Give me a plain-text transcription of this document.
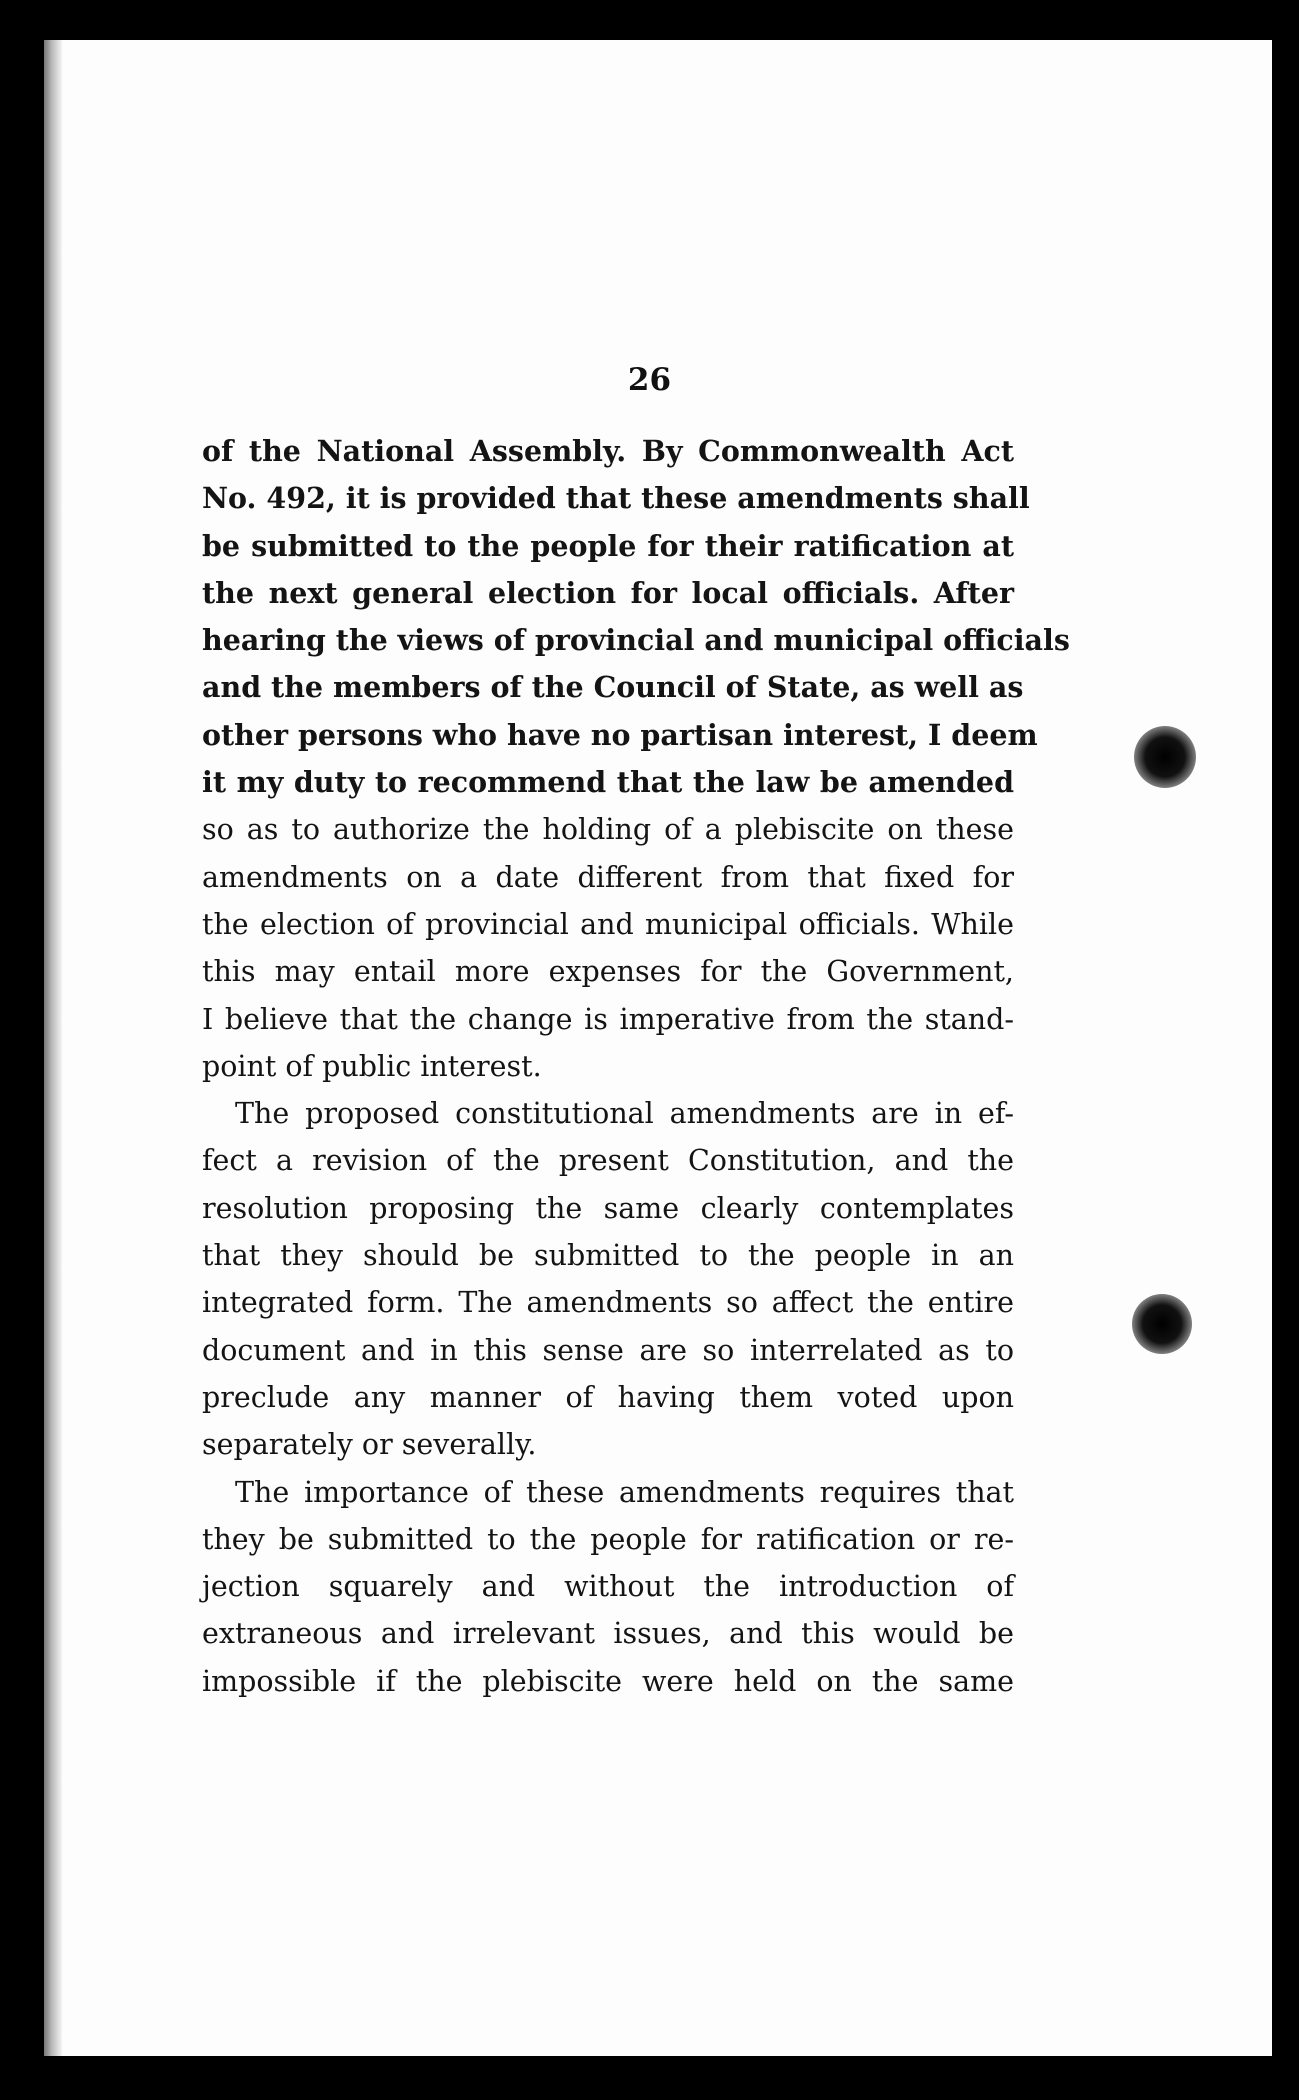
26
of the National Assembly. By Commonwealth Act
No. 492, it is provided that these amendments shall
be submitted to the people for their ratification at
the next general election for local officials. After
hearing the views of provincial and municipal officials
and the members of the Council of State, as well as
other persons who have no partisan interest, I deem
it my duty to recommend that the law be amended
so as to authorize the holding of a plebiscite on these
amendments on a date different from that fixed for
the election of provincial and municipal officials. While
this may entail more expenses for the Government,
I believe that the change is imperative from the stand-
point of public interest.
The proposed constitutional amendments are in ef-
fect a revision of the present Constitution, and the
resolution proposing the same clearly contemplates
that they should be submitted to the people in an
integrated form. The amendments so affect the entire
document and in this sense are so interrelated as to
preclude any manner of having them voted upon
separately or severally.
The importance of these amendments requires that
they be submitted to the people for ratification or re-
jection squarely and without the introduction of
extraneous and irrelevant issues, and this would be
impossible if the plebiscite were held on the same
